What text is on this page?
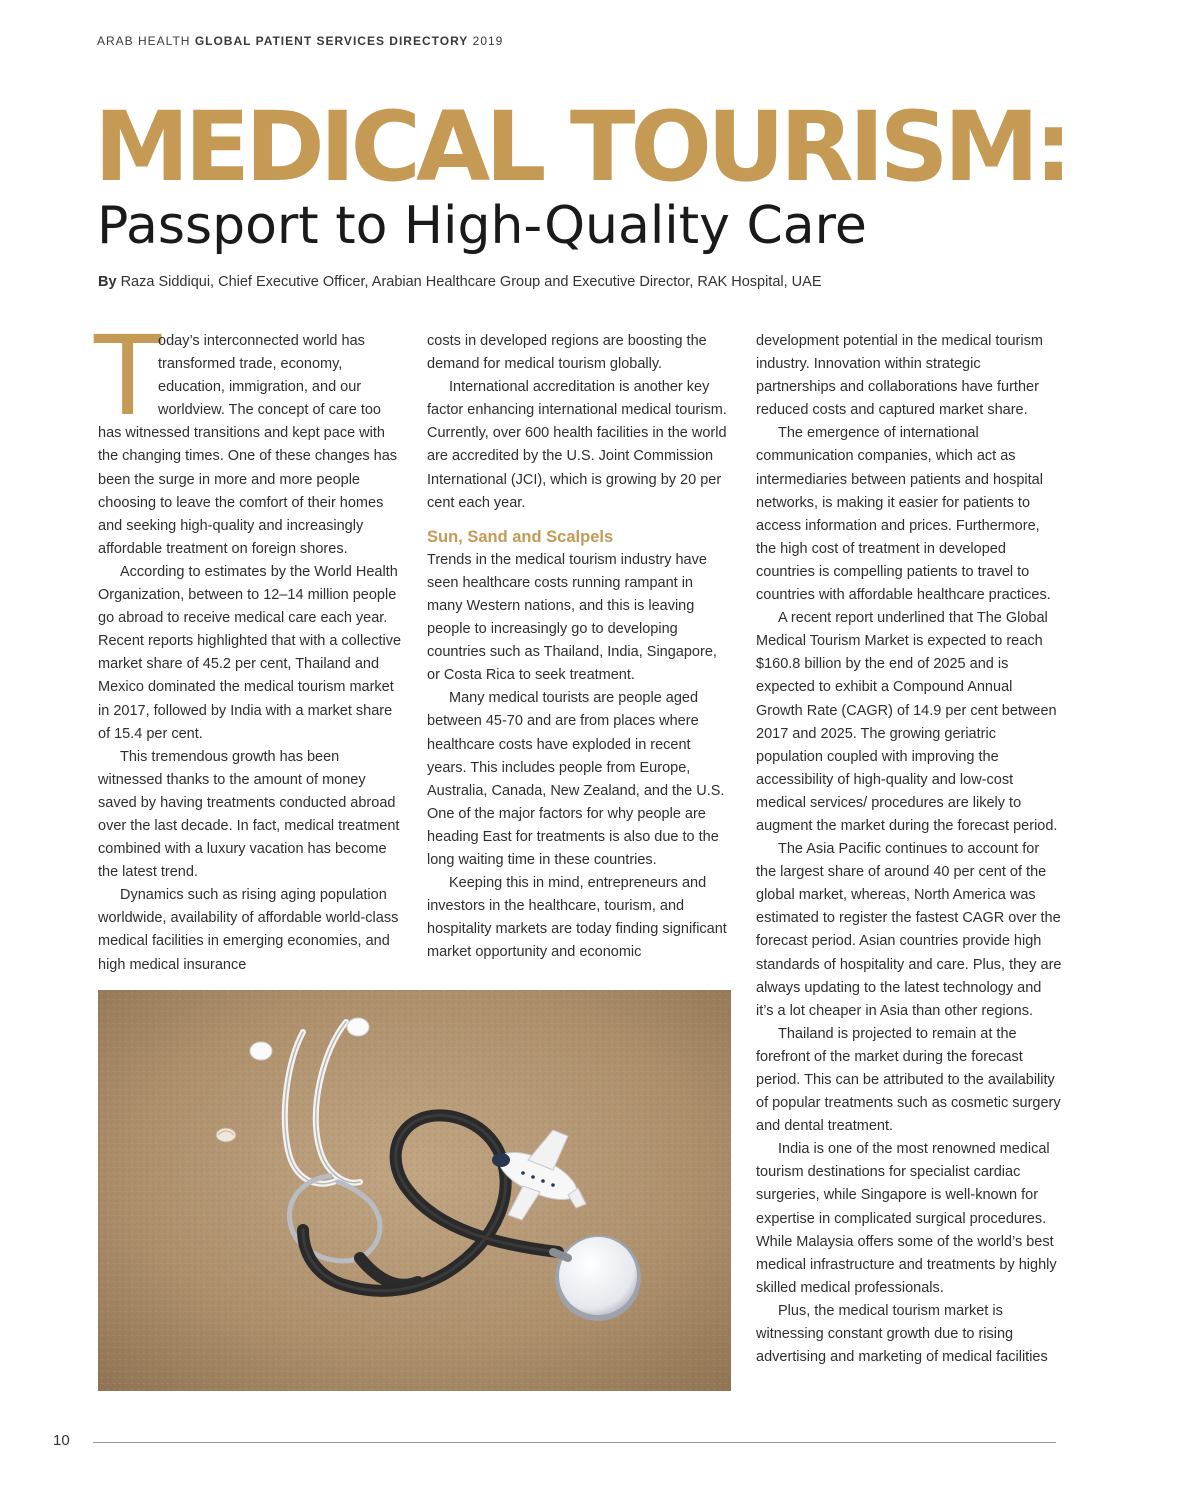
ARAB HEALTH GLOBAL PATIENT SERVICES DIRECTORY 2019
MEDICAL TOURISM:
Passport to High-Quality Care
By Raza Siddiqui, Chief Executive Officer, Arabian Healthcare Group and Executive Director, RAK Hospital, UAE

T
oday’s interconnected world has transformed trade, economy, education, immigration, and our worldview. The concept of care too has witnessed transitions and kept pace with the changing times. One of these changes has been the surge in more and more people choosing to leave the comfort of their homes and seeking high-quality and increasingly affordable treatment on foreign shores.

According to estimates by the World Health Organization, between to 12–14 million people go abroad to receive medical care each year. Recent reports highlighted that with a collective market share of 45.2 per cent, Thailand and Mexico dominated the medical tourism market in 2017, followed by India with a market share of 15.4 per cent.

This tremendous growth has been witnessed thanks to the amount of money saved by having treatments conducted abroad over the last decade. In fact, medical treatment combined with a luxury vacation has become the latest trend.

Dynamics such as rising aging population worldwide, availability of affordable world-class medical facilities in emerging economies, and high medical insurance

costs in developed regions are boosting the demand for medical tourism globally.

International accreditation is another key factor enhancing international medical tourism. Currently, over 600 health facilities in the world are accredited by the U.S. Joint Commission International (JCI), which is growing by 20 per cent each year.

Sun, Sand and Scalpels

Trends in the medical tourism industry have seen healthcare costs running rampant in many Western nations, and this is leaving people to increasingly go to developing countries such as Thailand, India, Singapore, or Costa Rica to seek treatment.

Many medical tourists are people aged between 45-70 and are from places where healthcare costs have exploded in recent years. This includes people from Europe, Australia, Canada, New Zealand, and the U.S. One of the major factors for why people are heading East for treatments is also due to the long waiting time in these countries.

Keeping this in mind, entrepreneurs and investors in the healthcare, tourism, and hospitality markets are today finding significant market opportunity and economic

development potential in the medical tourism industry. Innovation within strategic partnerships and collaborations have further reduced costs and captured market share.

The emergence of international communication companies, which act as intermediaries between patients and hospital networks, is making it easier for patients to access information and prices. Furthermore, the high cost of treatment in developed countries is compelling patients to travel to countries with affordable healthcare practices.

A recent report underlined that The Global Medical Tourism Market is expected to reach $160.8 billion by the end of 2025 and is expected to exhibit a Compound Annual Growth Rate (CAGR) of 14.9 per cent between 2017 and 2025. The growing geriatric population coupled with improving the accessibility of high-quality and low-cost medical services/ procedures are likely to augment the market during the forecast period.

The Asia Pacific continues to account for the largest share of around 40 per cent of the global market, whereas, North America was estimated to register the fastest CAGR over the forecast period. Asian countries provide high standards of hospitality and care. Plus, they are always updating to the latest technology and it’s a lot cheaper in Asia than other regions.

Thailand is projected to remain at the forefront of the market during the forecast period. This can be attributed to the availability of popular treatments such as cosmetic surgery and dental treatment.

India is one of the most renowned medical tourism destinations for specialist cardiac surgeries, while Singapore is well-known for expertise in complicated surgical procedures. While Malaysia offers some of the world’s best medical infrastructure and treatments by highly skilled medical professionals.

Plus, the medical tourism market is witnessing constant growth due to rising advertising and marketing of medical facilities

10
